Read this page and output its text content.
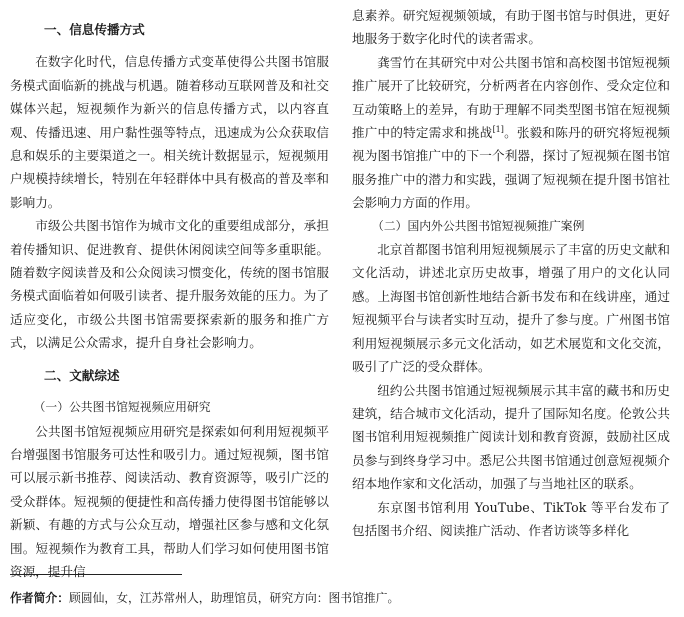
一、信息传播方式

在数字化时代，信息传播方式变革使得公共图书馆服务模式面临新的挑战与机遇。随着移动互联网普及和社交媒体兴起，短视频作为新兴的信息传播方式，以内容直观、传播迅速、用户黏性强等特点，迅速成为公众获取信息和娱乐的主要渠道之一。相关统计数据显示，短视频用户规模持续增长，特别在年轻群体中具有极高的普及率和影响力。

市级公共图书馆作为城市文化的重要组成部分，承担着传播知识、促进教育、提供休闲阅读空间等多重职能。随着数字阅读普及和公众阅读习惯变化，传统的图书馆服务模式面临着如何吸引读者、提升服务效能的压力。为了适应变化，市级公共图书馆需要探索新的服务和推广方式，以满足公众需求，提升自身社会影响力。

二、文献综述
（一）公共图书馆短视频应用研究

公共图书馆短视频应用研究是探索如何利用短视频平台增强图书馆服务可达性和吸引力。通过短视频，图书馆可以展示新书推荐、阅读活动、教育资源等，吸引广泛的受众群体。短视频的便捷性和高传播力使得图书馆能够以新颖、有趣的方式与公众互动，增强社区参与感和文化氛围。短视频作为教育工具，帮助人们学习如何使用图书馆资源，提升信

息素养。研究短视频领域，有助于图书馆与时俱进，更好地服务于数字化时代的读者需求。

龚雪竹在其研究中对公共图书馆和高校图书馆短视频推广展开了比较研究，分析两者在内容创作、受众定位和互动策略上的差异，有助于理解不同类型图书馆在短视频推广中的特定需求和挑战[1]。张毅和陈丹的研究将短视频视为图书馆推广中的下一个利器，探讨了短视频在图书馆服务推广中的潜力和实践，强调了短视频在提升图书馆社会影响力方面的作用。

（二）国内外公共图书馆短视频推广案例

北京首都图书馆利用短视频展示了丰富的历史文献和文化活动，讲述北京历史故事，增强了用户的文化认同感。上海图书馆创新性地结合新书发布和在线讲座，通过短视频平台与读者实时互动，提升了参与度。广州图书馆利用短视频展示多元文化活动，如艺术展览和文化交流，吸引了广泛的受众群体。

纽约公共图书馆通过短视频展示其丰富的藏书和历史建筑，结合城市文化活动，提升了国际知名度。伦敦公共图书馆利用短视频推广阅读计划和教育资源，鼓励社区成员参与到终身学习中。悉尼公共图书馆通过创意短视频介绍本地作家和文化活动，加强了与当地社区的联系。

东京图书馆利用 YouTube、TikTok 等平台发布了包括图书介绍、阅读推广活动、作者访谈等多样化

作者简介：顾圆仙，女，江苏常州人，助理馆员，研究方向：图书馆推广。
